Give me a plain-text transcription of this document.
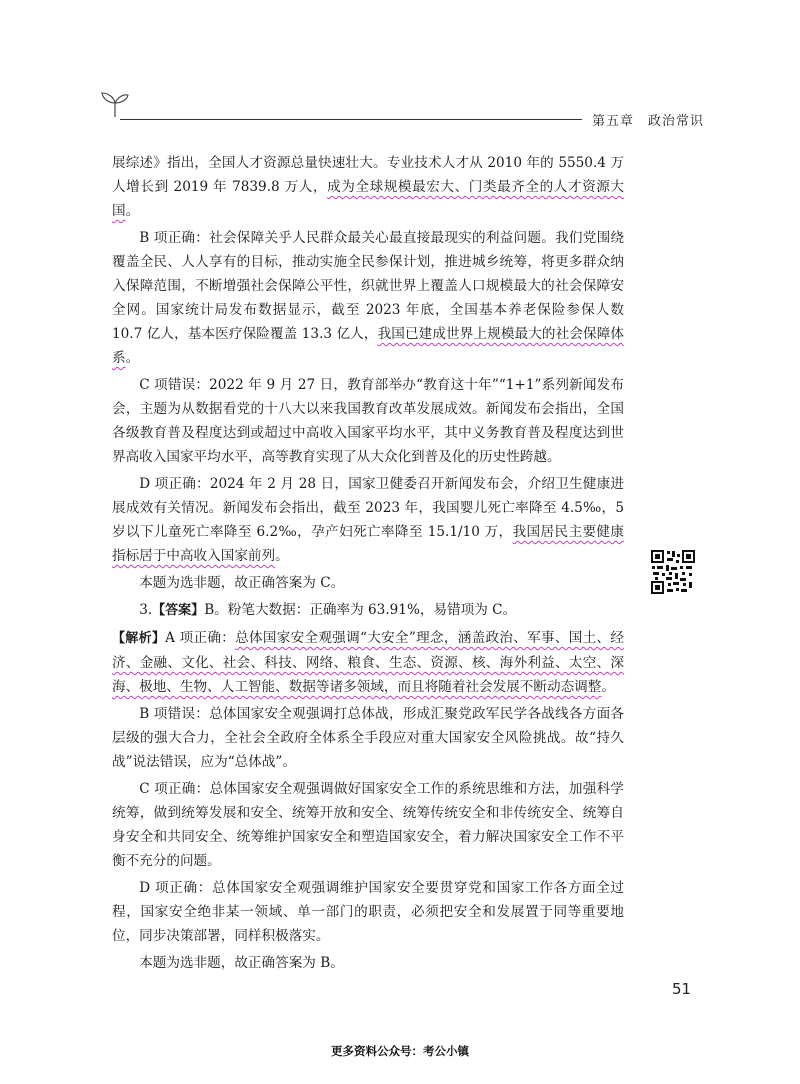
第五章　政治常识

展综述》指出，全国人才资源总量快速壮大。专业技术人才从 2010 年的 5550.4 万人增长到 2019 年 7839.8 万人，成为全球规模最宏大、门类最齐全的人才资源大国。

B 项正确：社会保障关乎人民群众最关心最直接最现实的利益问题。我们党围绕覆盖全民、人人享有的目标，推动实施全民参保计划，推进城乡统筹，将更多群众纳入保障范围，不断增强社会保障公平性，织就世界上覆盖人口规模最大的社会保障安全网。国家统计局发布数据显示，截至 2023 年底，全国基本养老保险参保人数 10.7 亿人，基本医疗保险覆盖 13.3 亿人，我国已建成世界上规模最大的社会保障体系。

C 项错误：2022 年 9 月 27 日，教育部举办“教育这十年”“1+1”系列新闻发布会，主题为从数据看党的十八大以来我国教育改革发展成效。新闻发布会指出，全国各级教育普及程度达到或超过中高收入国家平均水平，其中义务教育普及程度达到世界高收入国家平均水平，高等教育实现了从大众化到普及化的历史性跨越。

D 项正确：2024 年 2 月 28 日，国家卫健委召开新闻发布会，介绍卫生健康进展成效有关情况。新闻发布会指出，截至 2023 年，我国婴儿死亡率降至 4.5‰，5 岁以下儿童死亡率降至 6.2‰，孕产妇死亡率降至 15.1/10 万，我国居民主要健康指标居于中高收入国家前列。

本题为选非题，故正确答案为 C。

3.【答案】B。粉笔大数据：正确率为 63.91%，易错项为 C。

【解析】A 项正确：总体国家安全观强调“大安全”理念，涵盖政治、军事、国土、经济、金融、文化、社会、科技、网络、粮食、生态、资源、核、海外利益、太空、深海、极地、生物、人工智能、数据等诸多领域，而且将随着社会发展不断动态调整。

B 项错误：总体国家安全观强调打总体战，形成汇聚党政军民学各战线各方面各层级的强大合力，全社会全政府全体系全手段应对重大国家安全风险挑战。故“持久战”说法错误，应为“总体战”。

C 项正确：总体国家安全观强调做好国家安全工作的系统思维和方法，加强科学统筹，做到统筹发展和安全、统筹开放和安全、统筹传统安全和非传统安全、统筹自身安全和共同安全、统筹维护国家安全和塑造国家安全，着力解决国家安全工作不平衡不充分的问题。

D 项正确：总体国家安全观强调维护国家安全要贯穿党和国家工作各方面全过程，国家安全绝非某一领域、单一部门的职责，必须把安全和发展置于同等重要地位，同步决策部署，同样积极落实。

本题为选非题，故正确答案为 B。

51
更多资料公众号：考公小镇
